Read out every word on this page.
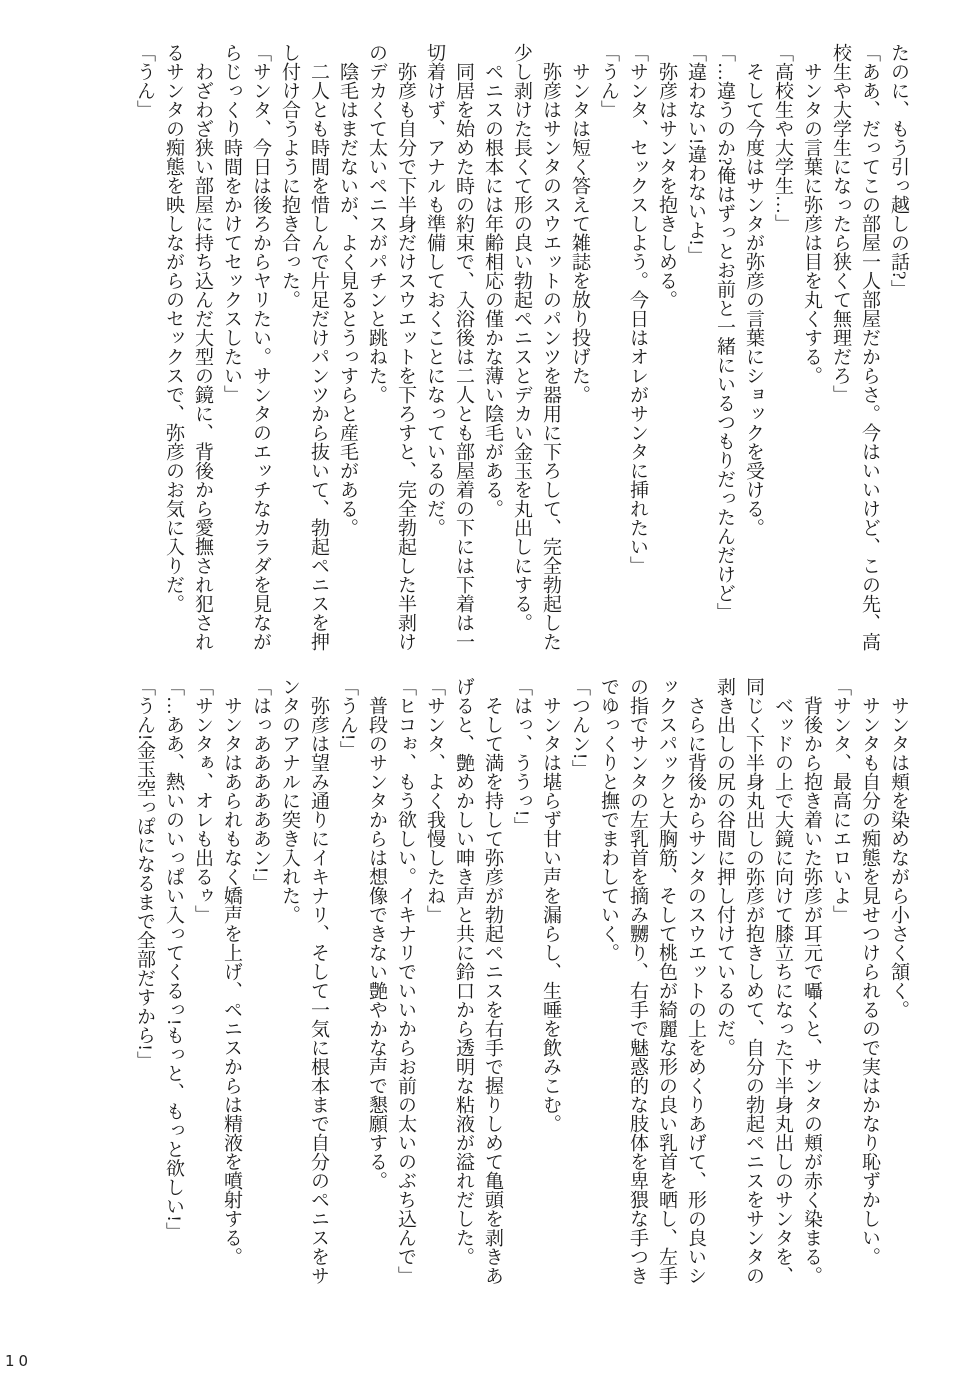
たのに、もう引っ越しの話?」

「ああ、だってこの部屋一人部屋だからさ。今はいいけど、この先、高校生や大学生になったら狭くて無理だろ」

サンタの言葉に弥彦は目を丸くする。

「高校生や大学生…」

そして今度はサンタが弥彦の言葉にショックを受ける。

「…違うのか?俺はずっとお前と一緒にいるつもりだったんだけど」

「違わない!違わないよ!」

弥彦はサンタを抱きしめる。

「サンタ、セックスしよう。今日はオレがサンタに挿れたい」

「うん」

サンタは短く答えて雑誌を放り投げた。

弥彦はサンタのスウエットのパンツを器用に下ろして、完全勃起した少し剥けた長くて形の良い勃起ペニスとデカい金玉を丸出しにする。

ペニスの根本には年齢相応の僅かな薄い陰毛がある。

同居を始めた時の約束で、入浴後は二人とも部屋着の下には下着は一切着けず、アナルも準備しておくことになっているのだ。

弥彦も自分で下半身だけスウエットを下ろすと、完全勃起した半剥けのデカくて太いペニスがパチンと跳ねた。

陰毛はまだないが、よく見るとうっすらと産毛がある。

二人とも時間を惜しんで片足だけパンツから抜いて、勃起ペニスを押し付け合うように抱き合った。

「サンタ、今日は後ろからヤリたい。サンタのエッチなカラダを見ながらじっくり時間をかけてセックスしたい」

わざわざ狭い部屋に持ち込んだ大型の鏡に、背後から愛撫され犯されるサンタの痴態を映しながらのセックスで、弥彦のお気に入りだ。

「うん」

サンタは頬を染めながら小さく頷く。

サンタも自分の痴態を見せつけられるので実はかなり恥ずかしい。

「サンタ、最高にエロいよ」

背後から抱き着いた弥彦が耳元で囁くと、サンタの頬が赤く染まる。

ベッドの上で大鏡に向けて膝立ちになった下半身丸出しのサンタを、同じく下半身丸出しの弥彦が抱きしめて、自分の勃起ペニスをサンタの剥き出しの尻の谷間に押し付けているのだ。

さらに背後からサンタのスウエットの上をめくりあげて、形の良いシックスパックと大胸筋、そして桃色が綺麗な形の良い乳首を晒し、左手の指でサンタの左乳首を摘み嬲り、右手で魅惑的な肢体を卑猥な手つきでゆっくりと撫でまわしていく。

「つんン!」

サンタは堪らず甘い声を漏らし、生唾を飲みこむ。

「はっ、ううっ!」

そして満を持して弥彦が勃起ペニスを右手で握りしめて亀頭を剥きあげると、艶めかしい呻き声と共に鈴口から透明な粘液が溢れだした。

「サンタ、よく我慢したね」

「ヒコぉ、もう欲しい。イキナリでいいからお前の太いのぶち込んで」

普段のサンタからは想像できない艶やかな声で懇願する。

「うん!」

弥彦は望み通りにイキナリ、そして一気に根本まで自分のペニスをサンタのアナルに突き入れた。

「はっああああああン!」

サンタはあられもなく嬌声を上げ、ペニスからは精液を噴射する。

「サンタぁ、オレも出るゥ」

「…ああ、熱いのいっぱい入ってくるっ!もっと、もっと欲しい!」

「うん!金玉空っぽになるまで全部だすから!」

10
